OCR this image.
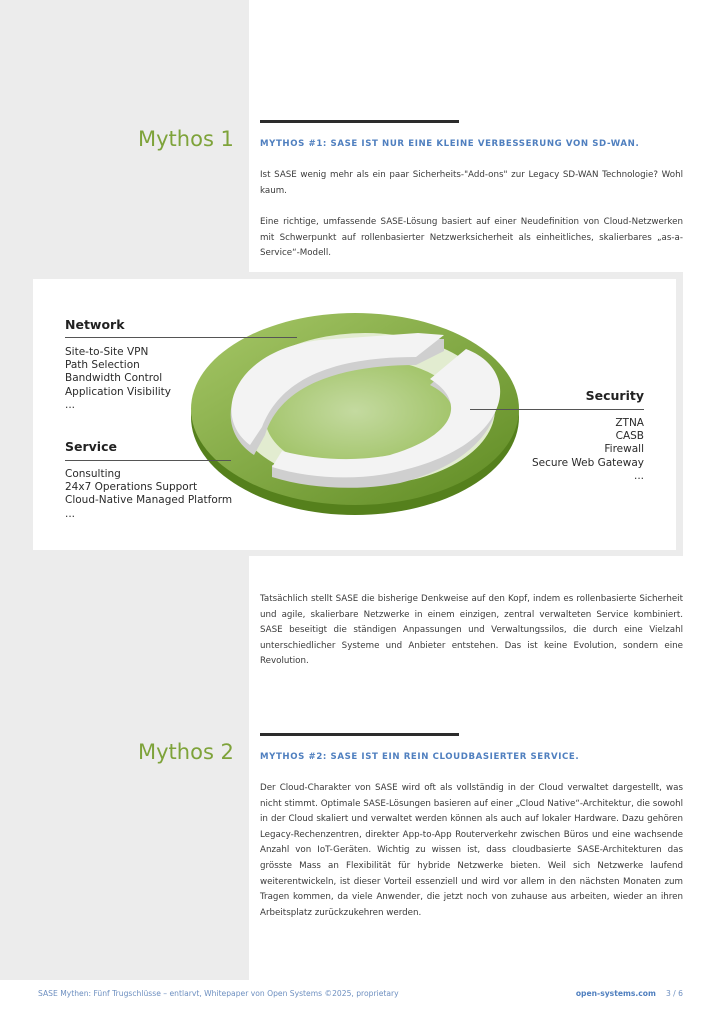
Mythos 1	MYTHOS #1: SASE IST NUR EINE KLEINE VERBESSERUNG VON SD-WAN.

Ist SASE wenig mehr als ein paar Sicherheits-"Add-ons" zur Legacy SD-WAN Technologie? Wohl kaum.

Eine richtige, umfassende SASE-Lösung basiert auf einer Neudefinition von Cloud-Netzwerken mit Schwerpunkt auf rollenbasierter Netzwerksicherheit als einheitliches, skalierbares „as-a-Service“-Modell.

Network
Site-to-Site VPN
Path Selection
Bandwidth Control
Application Visibility
...
Service
Consulting
24x7 Operations Support
Cloud-Native Managed Platform
...
Security
ZTNA
CASB
Firewall
Secure Web Gateway
...

Tatsächlich stellt SASE die bisherige Denkweise auf den Kopf, indem es rollenbasierte Sicherheit und agile, skalierbare Netzwerke in einem einzigen, zentral verwalteten Service kombiniert. SASE beseitigt die ständigen Anpassungen und Verwaltungssilos, die durch eine Vielzahl unterschiedlicher Systeme und Anbieter entstehen. Das ist keine Evolution, sondern eine Revolution.

Mythos 2	MYTHOS #2: SASE IST EIN REIN CLOUDBASIERTER SERVICE.

Der Cloud-Charakter von SASE wird oft als vollständig in der Cloud verwaltet dargestellt, was nicht stimmt. Optimale SASE-Lösungen basieren auf einer „Cloud Native“-Architektur, die sowohl in der Cloud skaliert und verwaltet werden können als auch auf lokaler Hardware. Dazu gehören Legacy-Rechenzentren, direkter App-to-App Routerverkehr zwischen Büros und eine wachsende Anzahl von IoT-Geräten. Wichtig zu wissen ist, dass cloudbasierte SASE-Architekturen das grösste Mass an Flexibilität für hybride Netzwerke bieten. Weil sich Netzwerke laufend weiterentwickeln, ist dieser Vorteil essenziell und wird vor allem in den nächsten Monaten zum Tragen kommen, da viele Anwender, die jetzt noch von zuhause aus arbeiten, wieder an ihren Arbeitsplatz zurückzukehren werden.

SASE Mythen: Fünf Trugschlüsse – entlarvt, Whitepaper von Open Systems ©2025, proprietary	open-systems.com 3 / 6
